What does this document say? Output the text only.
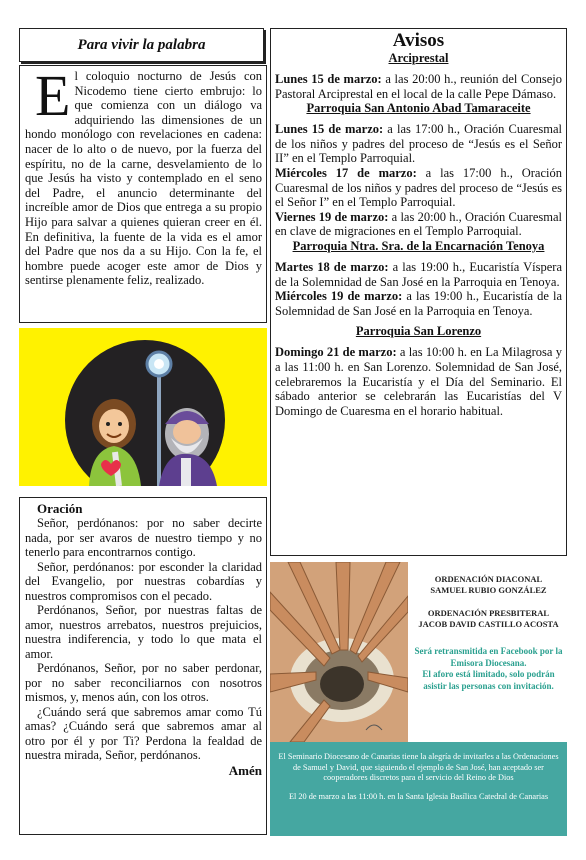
Para vivir la palabra

El coloquio nocturno de Jesús con Nicodemo tiene cierto embrujo: lo que comienza con un diálogo va adquiriendo las dimensiones de un hondo monólogo con revelaciones en cadena: nacer de lo alto o de nuevo, por la fuerza del espíritu, no de la carne, desvelamiento de lo que Jesús ha visto y contemplado en el seno del Padre, el anuncio determinante del increíble amor de Dios que entrega a su propio Hijo para salvar a quienes quieran creer en él. En definitiva, la fuente de la vida es el amor del Padre que nos da a su Hijo. Con la fe, el hombre puede acoger este amor de Dios y sentirse plenamente feliz, realizado.

Oración

Señor, perdónanos: por no saber decirte nada, por ser avaros de nuestro tiempo y no tenerlo para encontrarnos contigo.

Señor, perdónanos: por esconder la claridad del Evangelio, por nuestras cobardías y nuestros compromisos con el pecado.

Perdónanos, Señor, por nuestras faltas de amor, nuestros arrebatos, nuestros prejuicios, nuestra indiferencia, y todo lo que mata el amor.

Perdónanos, Señor, por no saber perdonar, por no saber reconciliarnos con nosotros mismos, y, menos aún, con los otros.

¿Cuándo será que sabremos amar como Tú amas? ¿Cuándo será que sabremos amar al otro por él y por Ti? Perdona la fealdad de nuestra mirada, Señor, perdónanos.

Amén

Avisos

Arciprestal

Lunes 15 de marzo: a las 20:00 h., reunión del Consejo Pastoral Arciprestal en el local de la calle Pepe Dámaso.

Parroquia San Antonio Abad Tamaraceite

Lunes 15 de marzo: a las 17:00 h., Oración Cuaresmal de los niños y padres del proceso de “Jesús es el Señor II” en el Templo Parroquial.

Miércoles 17 de marzo: a las 17:00 h., Oración Cuaresmal de los niños y padres del proceso de “Jesús es el Señor I” en el Templo Parroquial.

Viernes 19 de marzo: a las 20:00 h., Oración Cuaresmal en clave de migraciones en el Templo Parroquial.

Parroquia Ntra. Sra. de la Encarnación Tenoya

Martes 18 de marzo: a las 19:00 h., Eucaristía Víspera de la Solemnidad de San José en la Parroquia en Tenoya.

Miércoles 19 de marzo: a las 19:00 h., Eucaristía de la Solemnidad de San José en la Parroquia en Tenoya.

Parroquia San Lorenzo

Domingo 21 de marzo: a las 10:00 h. en La Milagrosa y a las 11:00 h. en San Lorenzo. Solemnidad de San José, celebraremos la Eucaristía y el Día del Seminario. El sábado anterior se celebrarán las Eucaristías del V Domingo de Cuaresma en el horario habitual.

ORDENACIÓN DIACONAL

SAMUEL RUBIO GONZÁLEZ

ORDENACIÓN PRESBITERAL

JACOB DAVID CASTILLO ACOSTA

Será retransmitida en Facebook por la Emisora Diocesana.

El aforo está limitado, solo podrán asistir las personas con invitación.

El Seminario Diocesano de Canarias tiene la alegría de invitarles a las Ordenaciones de Samuel y David, que siguiendo el ejemplo de San José, han aceptado ser cooperadores discretos para el servicio del Reino de Dios

El 20 de marzo a las 11:00 h. en la Santa Iglesia Basílica Catedral de Canarias
